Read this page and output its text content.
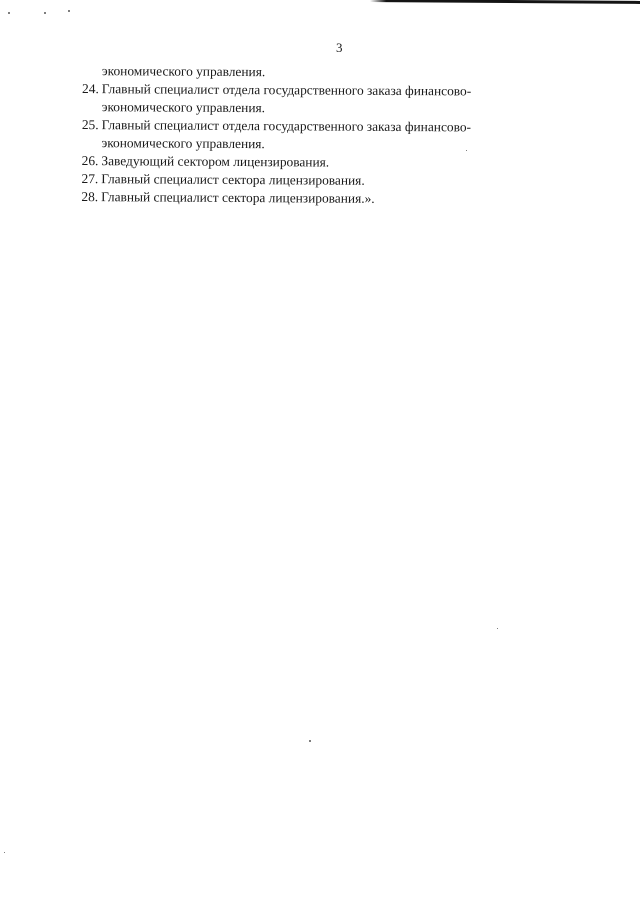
3
экономического управления.
24. Главный специалист отдела государственного заказа финансово-
экономического управления.
25. Главный специалист отдела государственного заказа финансово-
экономического управления.
26. Заведующий сектором лицензирования.
27. Главный специалист сектора лицензирования.
28. Главный специалист сектора лицензирования.».
